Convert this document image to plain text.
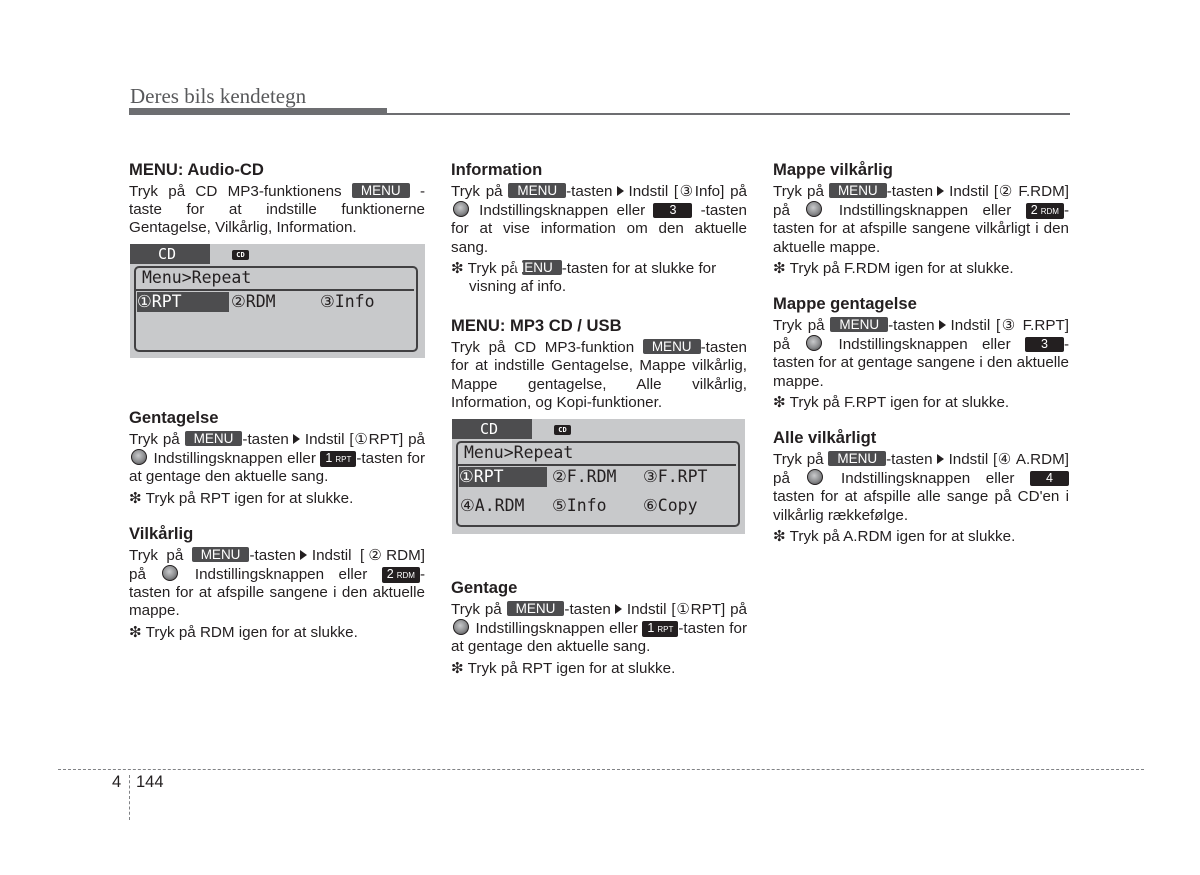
Deres bils kendetegn
MENU: Audio-CD

Tryk på CD MP3-funktionens MENU - taste for at indstille funktionerne Gentagelse, Vilkårlig, Information.

CD	CD
Menu>Repeat
①RPT	②RDM	③Info
Gentagelse

Tryk på MENU -tasten Indstil [①RPT] på  Indstillingsknappen eller 1 RPT -tasten for at gentage den aktuelle sang.

❇ Tryk på RPT igen for at slukke.

Vilkårlig

Tryk på MENU -tasten Indstil [②RDM] på  Indstillingsknappen eller 2 RDM -tasten for at afspille sangene i den aktuelle mappe.

❇ Tryk på RDM igen for at slukke.

Information

Tryk på MENU -tasten Indstil [③Info] på  Indstillingsknappen eller 3 -tasten for at vise information om den aktuelle sang.

❇ Tryk på MENU -tasten for at slukke for visning af info.

MENU: MP3 CD / USB

Tryk på CD MP3-funktion MENU -tasten for at indstille Gentagelse, Mappe vilkårlig, Mappe gentagelse, Alle vilkårlig, Information, og Kopi-funktioner.

CD	CD
Menu>Repeat
①RPT	②F.RDM ③F.RPT
④A.RDM ⑤Info ⑥Copy
Gentage

Tryk på MENU -tasten Indstil [①RPT] på  Indstillingsknappen eller 1 RPT -tasten for at gentage den aktuelle sang.

❇ Tryk på RPT igen for at slukke.

Mappe vilkårlig

Tryk på MENU -tasten Indstil [② F.RDM] på  Indstillingsknappen eller 2 RDM -tasten for at afspille sangene vilkårligt i den aktuelle mappe.

❇ Tryk på F.RDM igen for at slukke.

Mappe gentagelse

Tryk på MENU -tasten Indstil [③ F.RPT] på  Indstillingsknappen eller 3 -tasten for at gentage sangene i den aktuelle mappe.

❇ Tryk på F.RPT igen for at slukke.

Alle vilkårligt

Tryk på MENU -tasten Indstil [④ A.RDM] på  Indstillingsknappen eller 4 tasten for at afspille alle sange på CD'en i vilkårlig rækkefølge.

❇ Tryk på A.RDM igen for at slukke.

4 144
